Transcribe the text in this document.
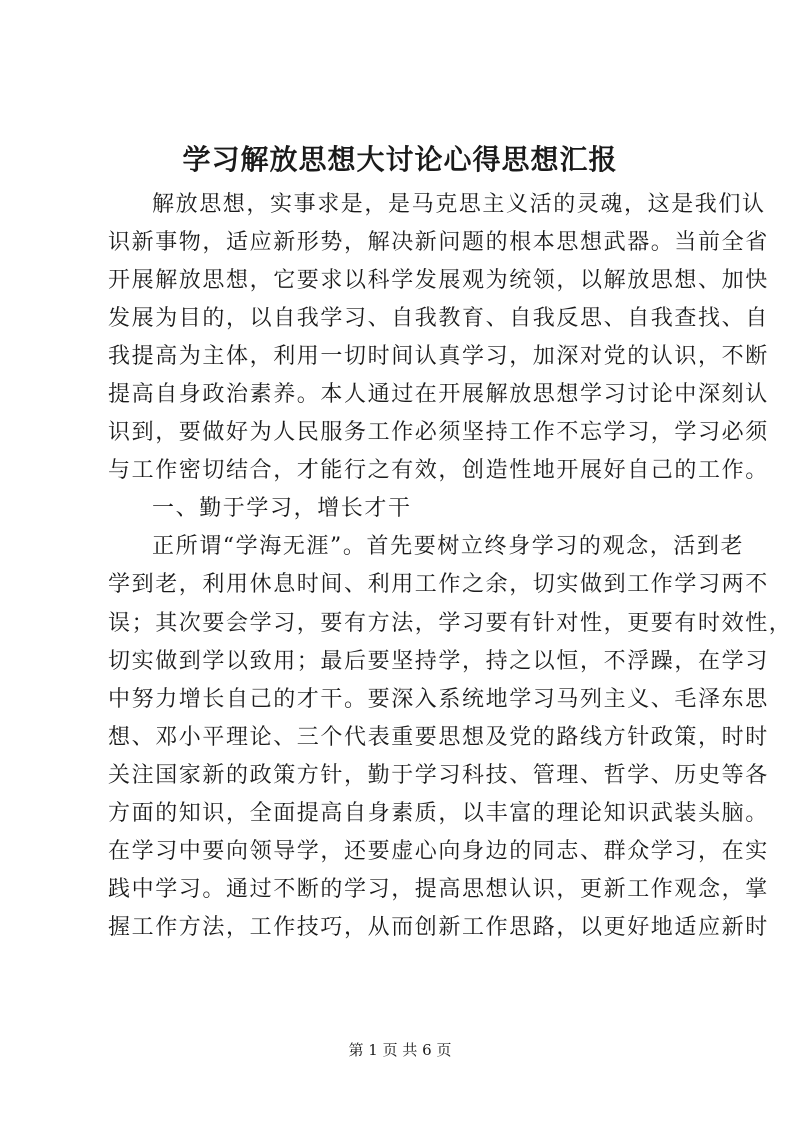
学习解放思想大讨论心得思想汇报
解放思想，实事求是，是马克思主义活的灵魂，这是我们认
识新事物，适应新形势，解决新问题的根本思想武器。当前全省
开展解放思想，它要求以科学发展观为统领，以解放思想、加快
发展为目的，以自我学习、自我教育、自我反思、自我查找、自
我提高为主体，利用一切时间认真学习，加深对党的认识，不断
提高自身政治素养。本人通过在开展解放思想学习讨论中深刻认
识到，要做好为人民服务工作必须坚持工作不忘学习，学习必须
与工作密切结合，才能行之有效，创造性地开展好自己的工作。
一、勤于学习，增长才干
正所谓“学海无涯”。首先要树立终身学习的观念，活到老
学到老，利用休息时间、利用工作之余，切实做到工作学习两不
误；其次要会学习，要有方法，学习要有针对性，更要有时效性，
切实做到学以致用；最后要坚持学，持之以恒，不浮躁，在学习
中努力增长自己的才干。要深入系统地学习马列主义、毛泽东思
想、邓小平理论、三个代表重要思想及党的路线方针政策，时时
关注国家新的政策方针，勤于学习科技、管理、哲学、历史等各
方面的知识，全面提高自身素质，以丰富的理论知识武装头脑。
在学习中要向领导学，还要虚心向身边的同志、群众学习，在实
践中学习。通过不断的学习，提高思想认识，更新工作观念，掌
握工作方法，工作技巧，从而创新工作思路，以更好地适应新时
第 1 页 共 6 页
